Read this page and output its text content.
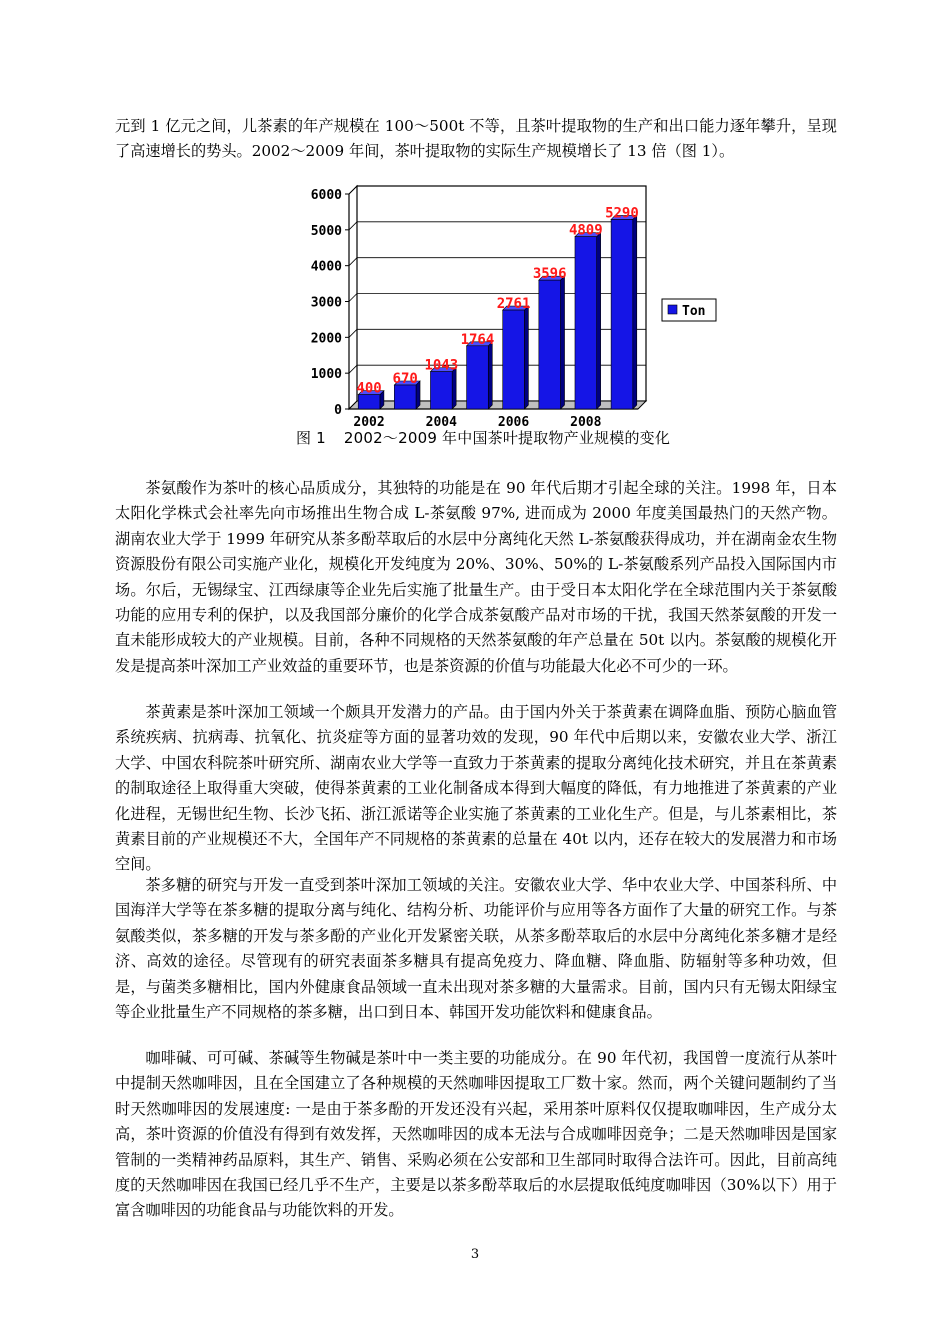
元到 1 亿元之间，儿茶素的年产规模在 100～500t 不等，且茶叶提取物的生产和出口能力逐年攀升，呈现了高速增长的势头。2002～2009 年间，茶叶提取物的实际生产规模增长了 13 倍（图 1）。

0
1000
2000
3000
4000
5000
6000
400
670
1043
1764
2761
3596
4809
5290
2002	2004	2006	2008
Ton
图 1 2002～2009 年中国茶叶提取物产业规模的变化

茶氨酸作为茶叶的核心品质成分，其独特的功能是在 90 年代后期才引起全球的关注。1998 年，日本太阳化学株式会社率先向市场推出生物合成 L-茶氨酸 97%, 进而成为 2000 年度美国最热门的天然产物。湖南农业大学于 1999 年研究从茶多酚萃取后的水层中分离纯化天然 L-茶氨酸获得成功，并在湖南金农生物资源股份有限公司实施产业化，规模化开发纯度为 20%、30%、50%的 L-茶氨酸系列产品投入国际国内市场。尔后，无锡绿宝、江西绿康等企业先后实施了批量生产。由于受日本太阳化学在全球范围内关于茶氨酸功能的应用专利的保护，以及我国部分廉价的化学合成茶氨酸产品对市场的干扰，我国天然茶氨酸的开发一直未能形成较大的产业规模。目前，各种不同规格的天然茶氨酸的年产总量在 50t 以内。茶氨酸的规模化开发是提高茶叶深加工产业效益的重要环节，也是茶资源的价值与功能最大化必不可少的一环。

茶黄素是茶叶深加工领域一个颇具开发潜力的产品。由于国内外关于茶黄素在调降血脂、预防心脑血管系统疾病、抗病毒、抗氧化、抗炎症等方面的显著功效的发现，90 年代中后期以来，安徽农业大学、浙江大学、中国农科院茶叶研究所、湖南农业大学等一直致力于茶黄素的提取分离纯化技术研究，并且在茶黄素的制取途径上取得重大突破，使得茶黄素的工业化制备成本得到大幅度的降低，有力地推进了茶黄素的产业化进程，无锡世纪生物、长沙飞拓、浙江派诺等企业实施了茶黄素的工业化生产。但是，与儿茶素相比，茶黄素目前的产业规模还不大，全国年产不同规格的茶黄素的总量在 40t 以内，还存在较大的发展潜力和市场空间。

茶多糖的研究与开发一直受到茶叶深加工领域的关注。安徽农业大学、华中农业大学、中国茶科所、中国海洋大学等在茶多糖的提取分离与纯化、结构分析、功能评价与应用等各方面作了大量的研究工作。与茶氨酸类似，茶多糖的开发与茶多酚的产业化开发紧密关联，从茶多酚萃取后的水层中分离纯化茶多糖才是经济、高效的途径。尽管现有的研究表面茶多糖具有提高免疫力、降血糖、降血脂、防辐射等多种功效，但是，与菌类多糖相比，国内外健康食品领域一直未出现对茶多糖的大量需求。目前，国内只有无锡太阳绿宝等企业批量生产不同规格的茶多糖，出口到日本、韩国开发功能饮料和健康食品。

咖啡碱、可可碱、茶碱等生物碱是茶叶中一类主要的功能成分。在 90 年代初，我国曾一度流行从茶叶中提制天然咖啡因，且在全国建立了各种规模的天然咖啡因提取工厂数十家。然而，两个关键问题制约了当时天然咖啡因的发展速度: 一是由于茶多酚的开发还没有兴起，采用茶叶原料仅仅提取咖啡因，生产成分太高，茶叶资源的价值没有得到有效发挥，天然咖啡因的成本无法与合成咖啡因竞争；二是天然咖啡因是国家管制的一类精神药品原料，其生产、销售、采购必须在公安部和卫生部同时取得合法许可。因此，目前高纯度的天然咖啡因在我国已经几乎不生产，主要是以茶多酚萃取后的水层提取低纯度咖啡因（30%以下）用于富含咖啡因的功能食品与功能饮料的开发。

3
